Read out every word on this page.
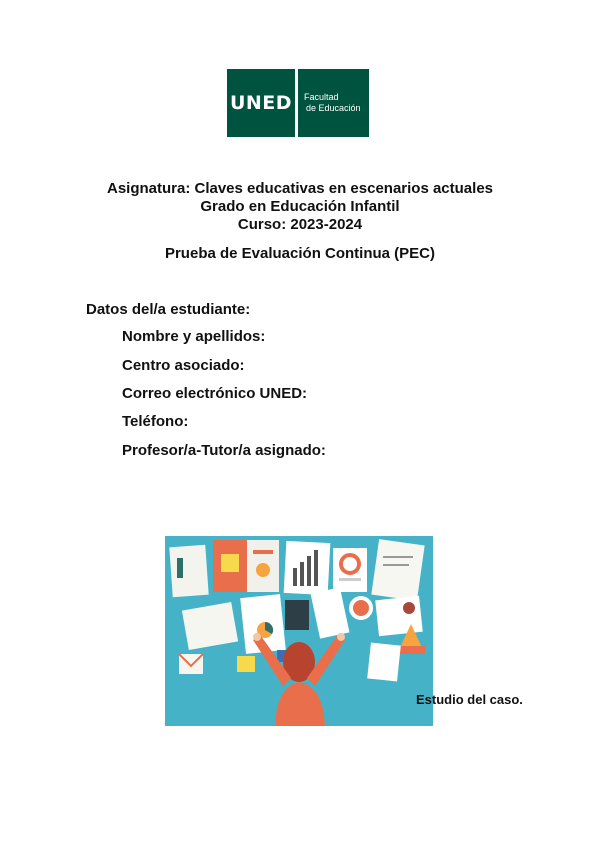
UNED	Facultad
de Educación
Asignatura: Claves educativas en escenarios actuales
Grado en Educación Infantil
Curso: 2023-2024
Prueba de Evaluación Continua (PEC)
Datos del/a estudiante:
Nombre y apellidos:
Centro asociado:
Correo electrónico UNED:
Teléfono:
Profesor/a-Tutor/a asignado:
Estudio del caso.
